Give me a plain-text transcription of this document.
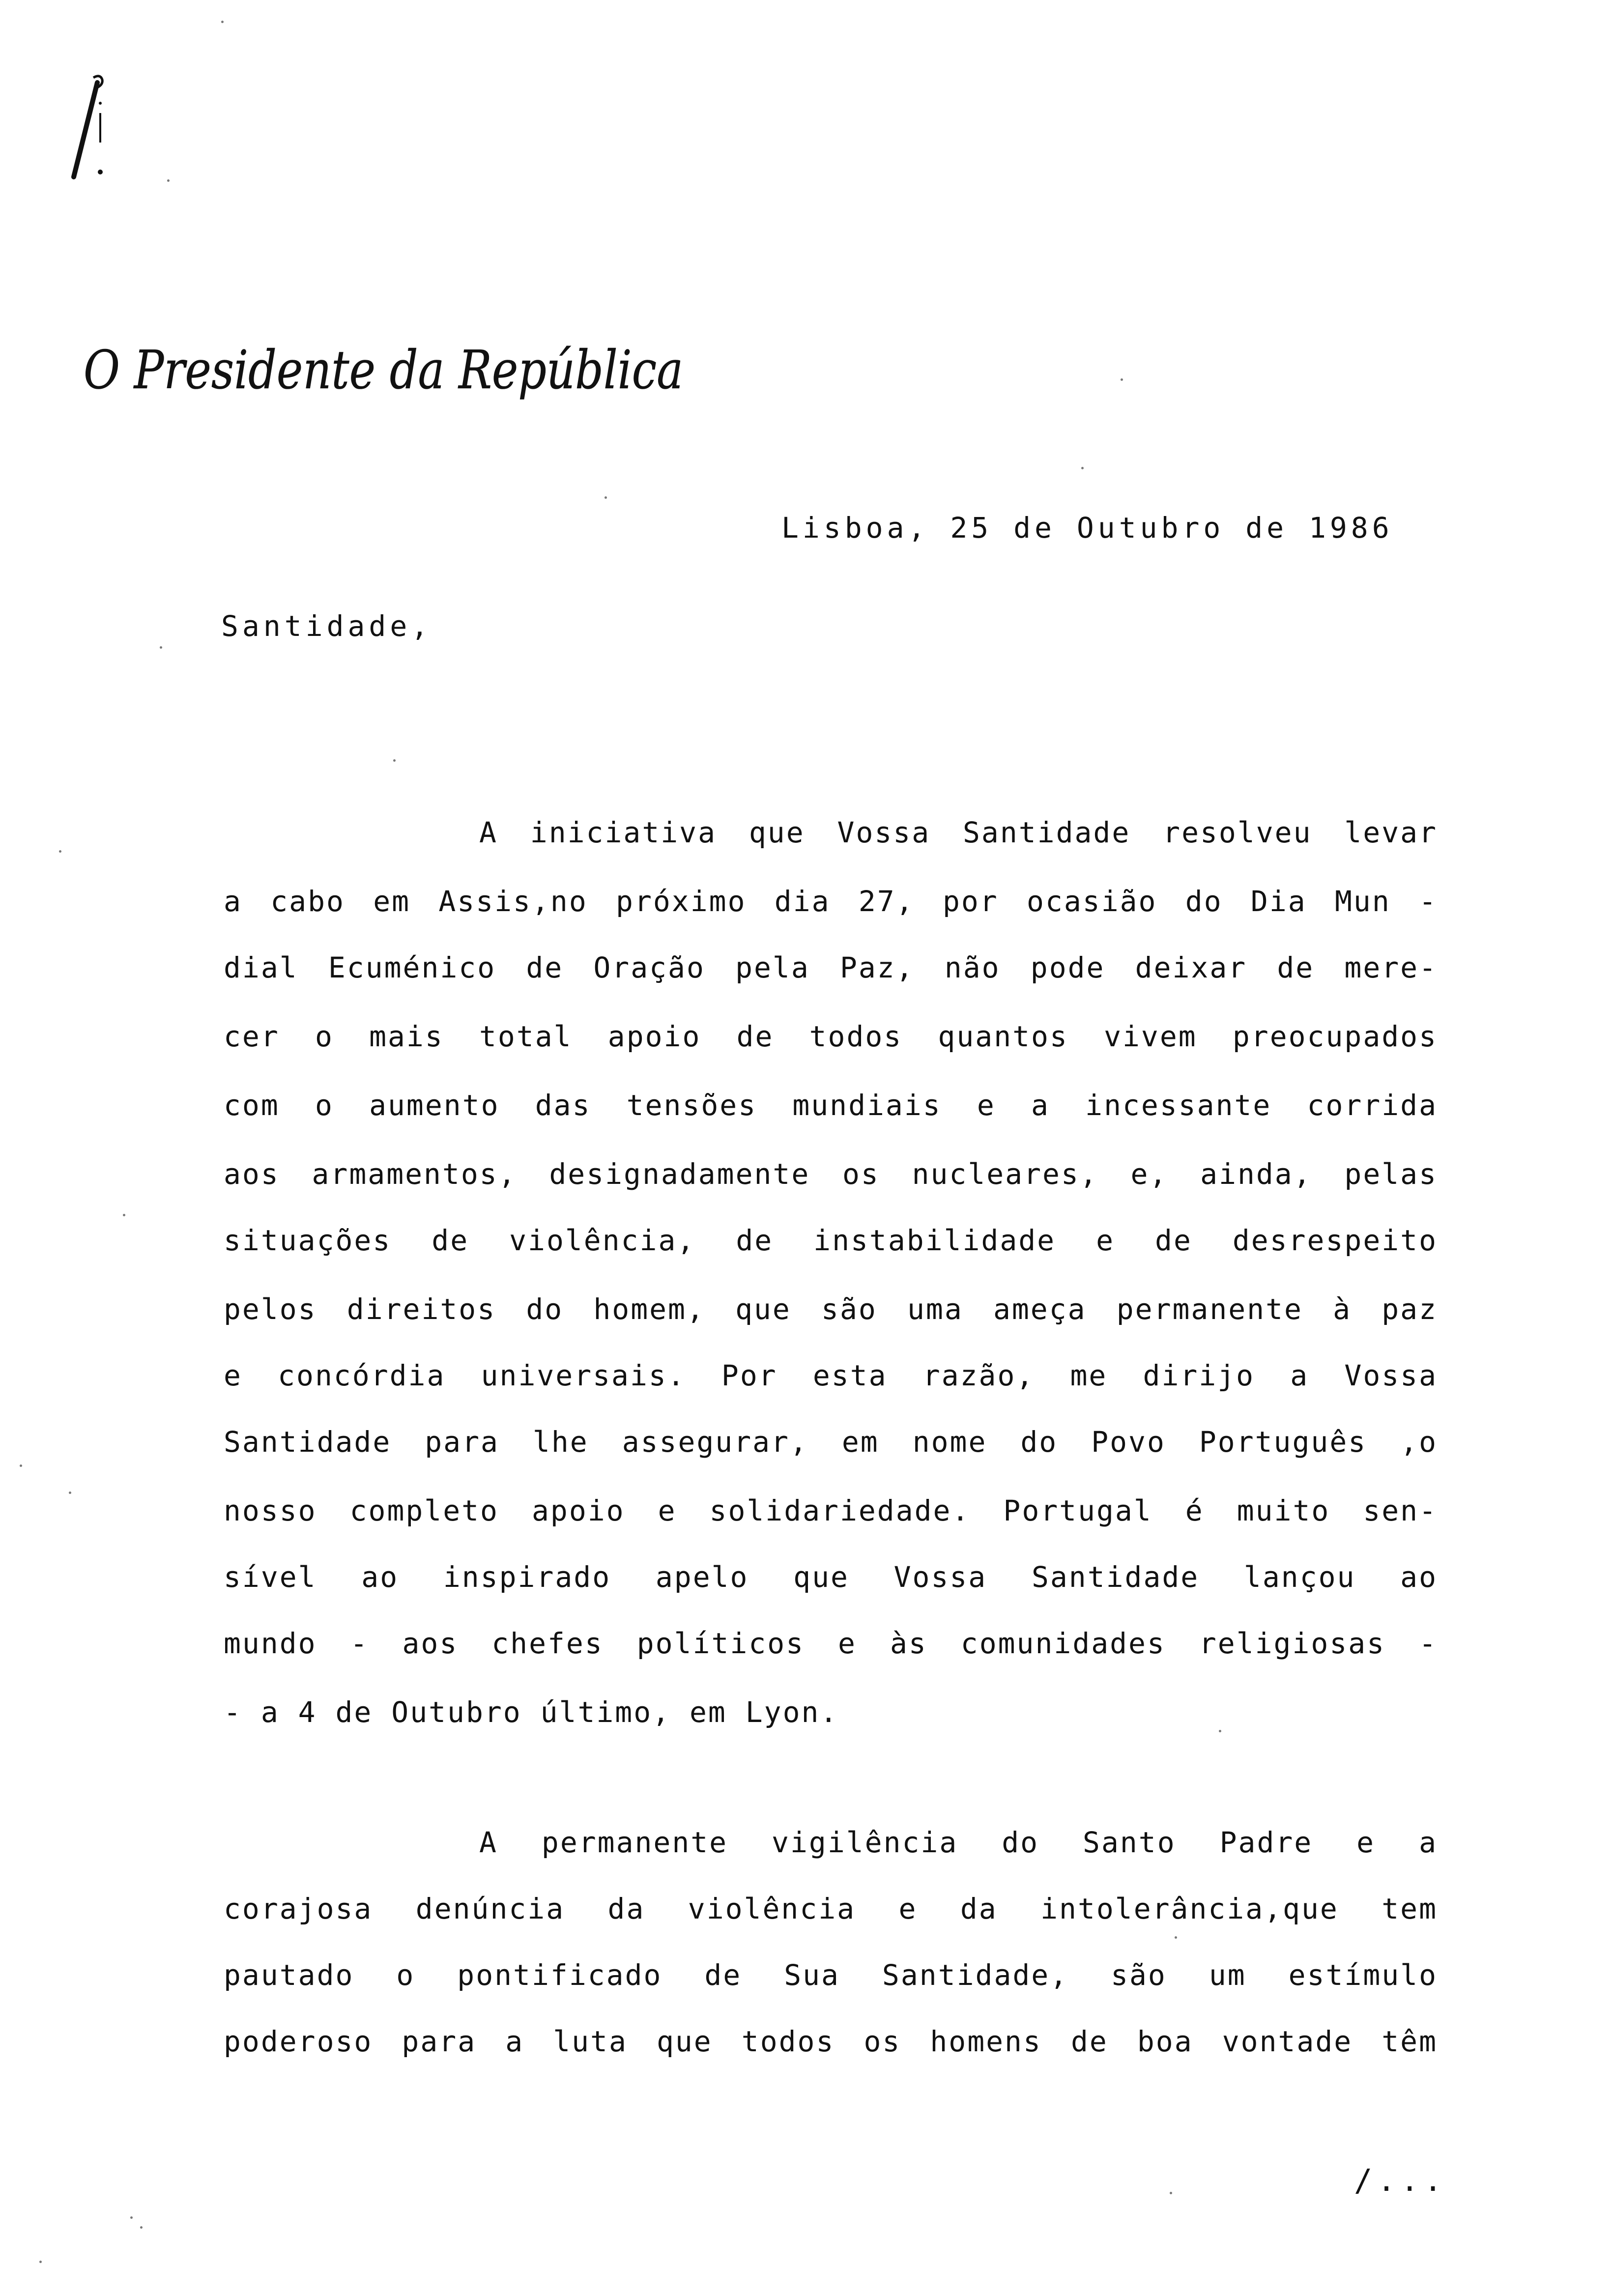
O Presidente da República
Lisboa, 25 de Outubro de 1986
Santidade,
A iniciativa que Vossa Santidade resolveu levar
a cabo em Assis,no próximo dia 27, por ocasião do Dia Mun -
dial Ecuménico de Oração pela Paz, não pode deixar de mere-
cer o mais total apoio de todos quantos vivem preocupados
com o aumento das tensões mundiais e a incessante corrida
aos armamentos, designadamente os nucleares, e, ainda, pelas
situações de violência, de instabilidade e de desrespeito
pelos direitos do homem, que são uma ameça permanente à paz
e concórdia universais. Por esta razão, me dirijo a Vossa
Santidade para lhe assegurar, em nome do Povo Português ,o
nosso completo apoio e solidariedade. Portugal é muito sen-
sível ao inspirado apelo que Vossa Santidade lançou ao
mundo - aos chefes políticos e às comunidades religiosas -
- a 4 de Outubro último, em Lyon.
A permanente vigilência do Santo Padre e a
corajosa denúncia da violência e da intolerância,que tem
pautado o pontificado de Sua Santidade, são um estímulo
poderoso para a luta que todos os homens de boa vontade têm
/...
